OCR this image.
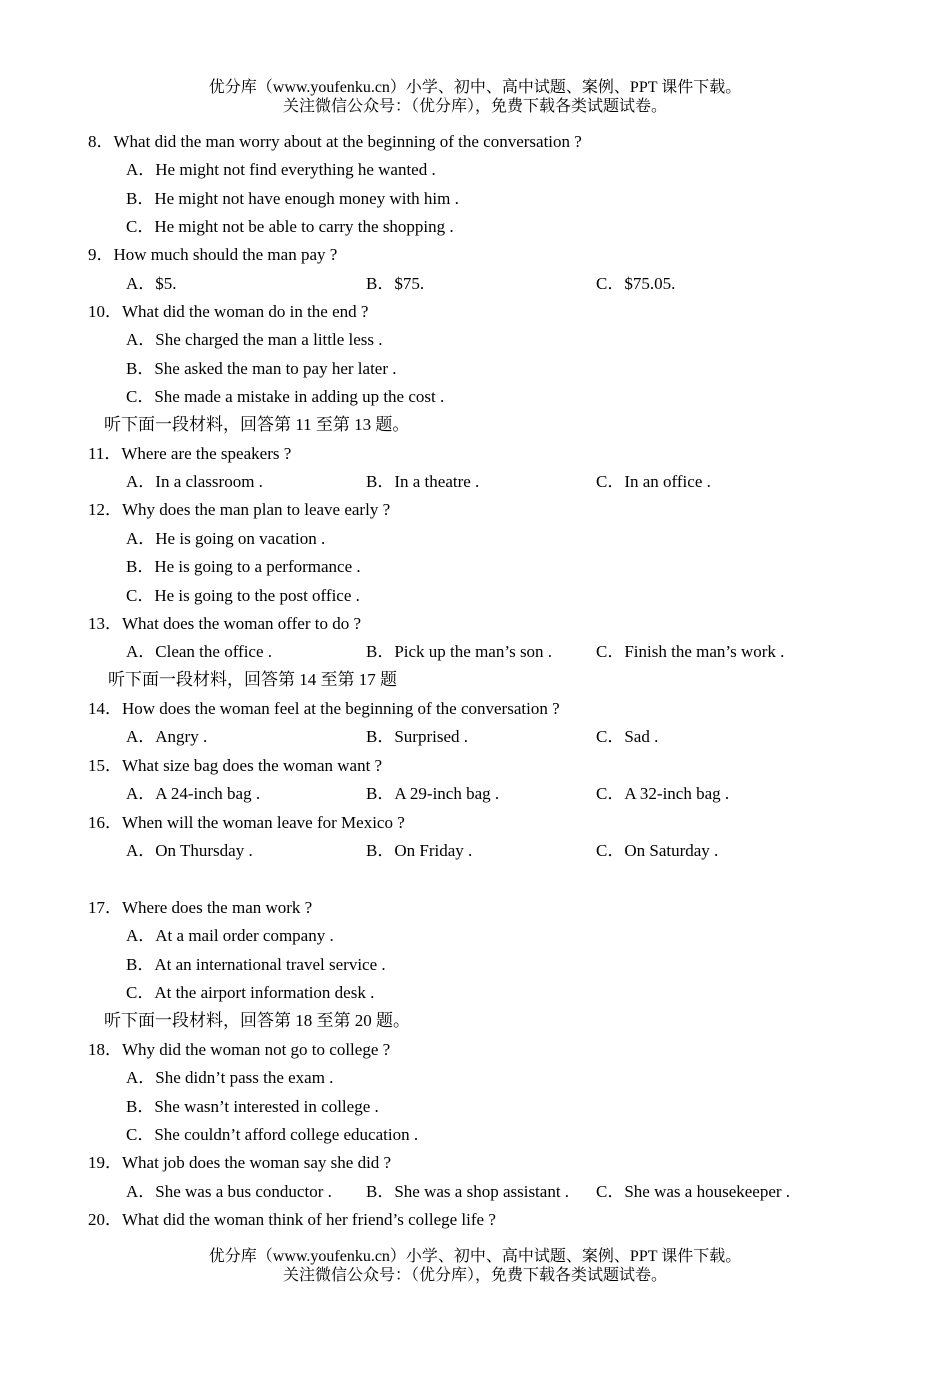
优分库（www.youfenku.cn）小学、初中、高中试题、案例、PPT 课件下载。
关注微信公众号：（优分库），免费下载各类试题试卷。
8．What did the man worry about at the beginning of the conversation ?
A．He might not find everything he wanted .
B．He might not have enough money with him .
C．He might not be able to carry the shopping .
9．How much should the man pay ?
A．$5.	B．$75.	C．$75.05.
10．What did the woman do in the end ?
A．She charged the man a little less .
B．She asked the man to pay her later .
C．She made a mistake in adding up the cost .
听下面一段材料，回答第 11 至第 13 题。
11．Where are the speakers ?
A．In a classroom .	B．In a theatre .	C．In an office .
12．Why does the man plan to leave early ?
A．He is going on vacation .
B．He is going to a performance .
C．He is going to the post office .
13．What does the woman offer to do ?
A．Clean the office .	B．Pick up the man’s son .	C．Finish the man’s work .
听下面一段材料，回答第 14 至第 17 题
14．How does the woman feel at the beginning of the conversation ?
A．Angry .	B．Surprised .	C．Sad .
15．What size bag does the woman want ?
A．A 24-inch bag .	B．A 29-inch bag .	C．A 32-inch bag .
16．When will the woman leave for Mexico ?
A．On Thursday .	B．On Friday .	C．On Saturday .
17．Where does the man work ?
A．At a mail order company .
B．At an international travel service .
C．At the airport information desk .
听下面一段材料，回答第 18 至第 20 题。
18．Why did the woman not go to college ?
A．She didn’t pass the exam .
B．She wasn’t interested in college .
C．She couldn’t afford college education .
19．What job does the woman say she did ?
A．She was a bus conductor . B．She was a shop assistant . C．She was a housekeeper .
20．What did the woman think of her friend’s college life ?
优分库（www.youfenku.cn）小学、初中、高中试题、案例、PPT 课件下载。
关注微信公众号：（优分库），免费下载各类试题试卷。
